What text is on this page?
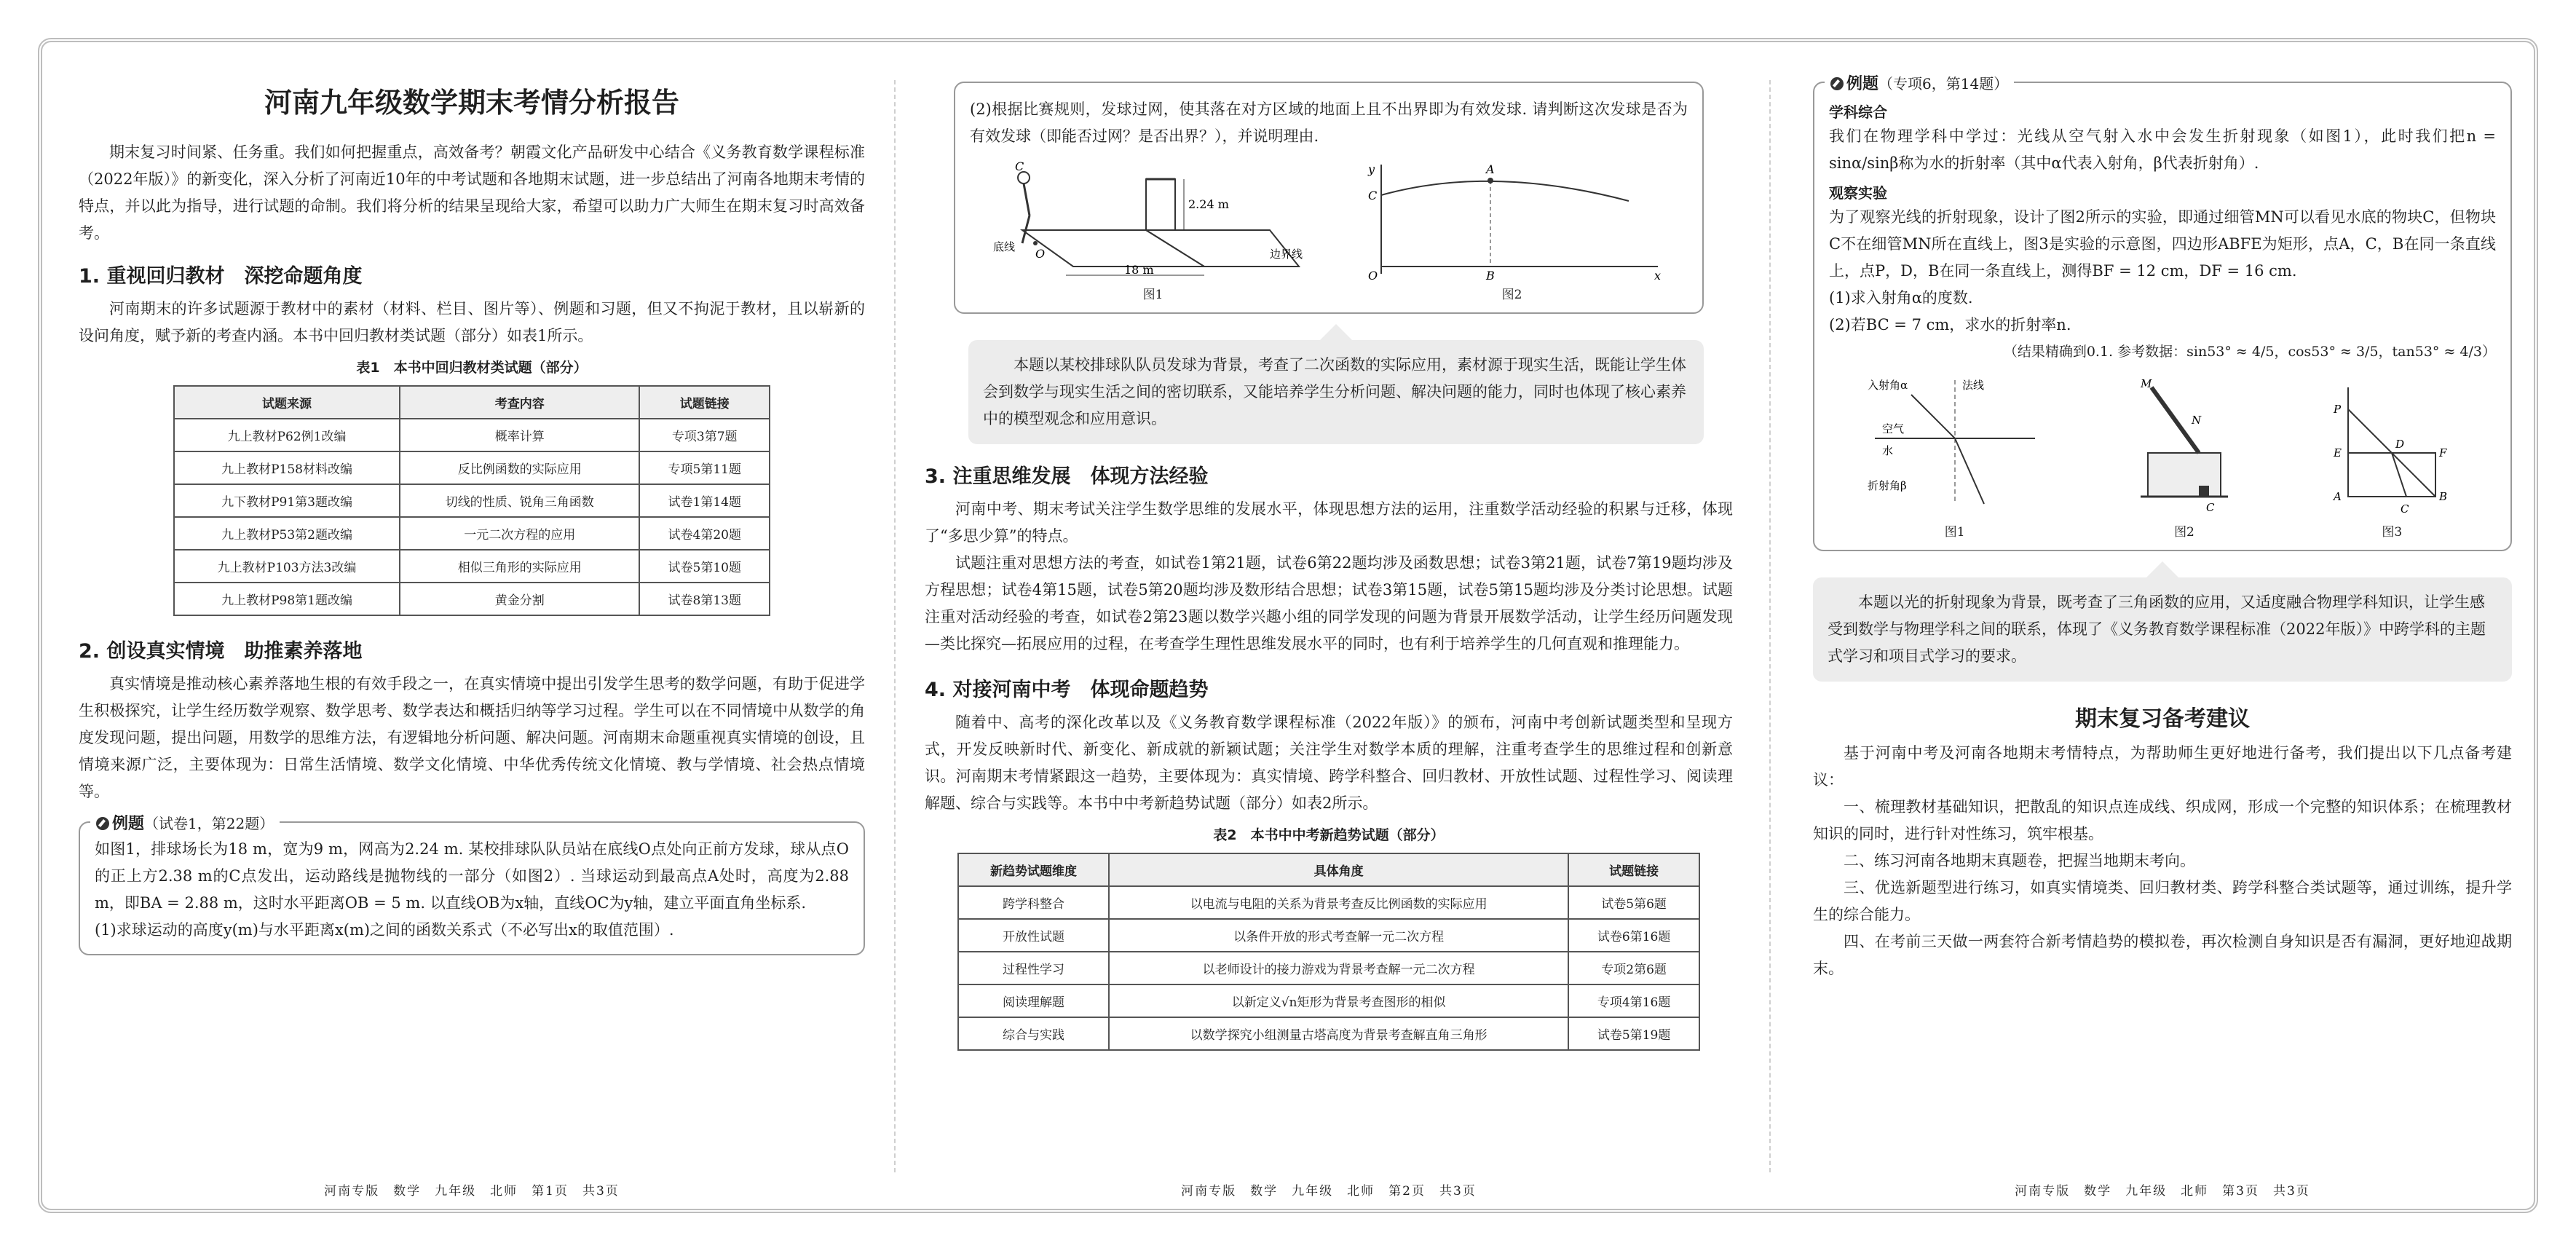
河南九年级数学期末考情分析报告

期末复习时间紧、任务重。我们如何把握重点，高效备考？朝霞文化产品研发中心结合《义务教育数学课程标准（2022年版）》的新变化，深入分析了河南近10年的中考试题和各地期末试题，进一步总结出了河南各地期末考情的特点，并以此为指导，进行试题的命制。我们将分析的结果呈现给大家，希望可以助力广大师生在期末复习时高效备考。

1. 重视回归教材　深挖命题角度

河南期末的许多试题源于教材中的素材（材料、栏目、图片等）、例题和习题，但又不拘泥于教材，且以崭新的设问角度，赋予新的考查内涵。本书中回归教材类试题（部分）如表1所示。

表1　本书中回归教材类试题（部分）
试题来源	考查内容	试题链接
九上教材P62例1改编	概率计算	专项3第7题
九上教材P158材料改编	反比例函数的实际应用	专项5第11题
九下教材P91第3题改编	切线的性质、锐角三角函数	试卷1第14题
九上教材P53第2题改编	一元二次方程的应用	试卷4第20题
九上教材P103方法3改编	相似三角形的实际应用	试卷5第10题
九上教材P98第1题改编	黄金分割	试卷8第13题
2. 创设真实情境　助推素养落地

真实情境是推动核心素养落地生根的有效手段之一，在真实情境中提出引发学生思考的数学问题，有助于促进学生积极探究，让学生经历数学观察、数学思考、数学表达和概括归纳等学习过程。学生可以在不同情境中从数学的角度发现问题，提出问题，用数学的思维方法，有逻辑地分析问题、解决问题。河南期末命题重视真实情境的创设，且情境来源广泛，主要体现为：日常生活情境、数学文化情境、中华优秀传统文化情境、教与学情境、社会热点情境等。

例题（试卷1，第22题）

如图1，排球场长为18 m，宽为9 m，网高为2.24 m. 某校排球队队员站在底线O点处向正前方发球，球从点O的正上方2.38 m的C点发出，运动路线是抛物线的一部分（如图2）. 当球运动到最高点A处时，高度为2.88 m，即BA = 2.88 m，这时水平距离OB = 5 m. 以直线OB为x轴，直线OC为y轴，建立平面直角坐标系.

(1)求球运动的高度y(m)与水平距离x(m)之间的函数关系式（不必写出x的取值范围）.

河南专版　数学　九年级　北师　第1页　共3页

(2)根据比赛规则，发球过网，使其落在对方区域的地面上且不出界即为有效发球. 请判断这次发球是否为有效发球（即能否过网？是否出界？），并说明理由.

C
O
2.24 m
底线
边界线
18 m
图1
y
x
A
C
O	B
图2
本题以某校排球队队员发球为背景，考查了二次函数的实际应用，素材源于现实生活，既能让学生体会到数学与现实生活之间的密切联系，又能培养学生分析问题、解决问题的能力，同时也体现了核心素养中的模型观念和应用意识。
3. 注重思维发展　体现方法经验

河南中考、期末考试关注学生数学思维的发展水平，体现思想方法的运用，注重数学活动经验的积累与迁移，体现了“多思少算”的特点。

试题注重对思想方法的考查，如试卷1第21题，试卷6第22题均涉及函数思想；试卷3第21题，试卷7第19题均涉及方程思想；试卷4第15题，试卷5第20题均涉及数形结合思想；试卷3第15题，试卷5第15题均涉及分类讨论思想。试题注重对活动经验的考查，如试卷2第23题以数学兴趣小组的同学发现的问题为背景开展数学活动，让学生经历问题发现—类比探究—拓展应用的过程，在考查学生理性思维发展水平的同时，也有利于培养学生的几何直观和推理能力。

4. 对接河南中考　体现命题趋势

随着中、高考的深化改革以及《义务教育数学课程标准（2022年版）》的颁布，河南中考创新试题类型和呈现方式，开发反映新时代、新变化、新成就的新颖试题；关注学生对数学本质的理解，注重考查学生的思维过程和创新意识。河南期末考情紧跟这一趋势，主要体现为：真实情境、跨学科整合、回归教材、开放性试题、过程性学习、阅读理解题、综合与实践等。本书中中考新趋势试题（部分）如表2所示。

表2　本书中中考新趋势试题（部分）
新趋势试题维度	具体角度	试题链接
跨学科整合	以电流与电阻的关系为背景考查反比例函数的实际应用	试卷5第6题
开放性试题	以条件开放的形式考查解一元二次方程	试卷6第16题
过程性学习	以老师设计的接力游戏为背景考查解一元二次方程	专项2第6题
阅读理解题	以新定义√n矩形为背景考查图形的相似	专项4第16题
综合与实践	以数学探究小组测量古塔高度为背景考查解直角三角形	试卷5第19题
河南专版　数学　九年级　北师　第2页　共3页
例题（专项6，第14题）
学科综合

我们在物理学科中学过：光线从空气射入水中会发生折射现象（如图1），此时我们把n = sinα/sinβ称为水的折射率（其中α代表入射角，β代表折射角）.

观察实验

为了观察光线的折射现象，设计了图2所示的实验，即通过细管MN可以看见水底的物块C，但物块C不在细管MN所在直线上，图3是实验的示意图，四边形ABFE为矩形，点A，C，B在同一条直线上，点P，D，B在同一条直线上，测得BF = 12 cm，DF = 16 cm.

(1)求入射角α的度数.

(2)若BC = 7 cm，求水的折射率n.

（结果精确到0.1. 参考数据：sin53° ≈ 4/5，cos53° ≈ 3/5，tan53° ≈ 4/3）

入射角α	法线
空气
水
折射角β
图1
M
N
C
图2
P
E
A
D
C
B
F
图3
本题以光的折射现象为背景，既考查了三角函数的应用，又适度融合物理学科知识，让学生感受到数学与物理学科之间的联系，体现了《义务教育数学课程标准（2022年版）》中跨学科的主题式学习和项目式学习的要求。
期末复习备考建议

基于河南中考及河南各地期末考情特点，为帮助师生更好地进行备考，我们提出以下几点备考建议：

一、梳理教材基础知识，把散乱的知识点连成线、织成网，形成一个完整的知识体系；在梳理教材知识的同时，进行针对性练习，筑牢根基。

二、练习河南各地期末真题卷，把握当地期末考向。

三、优选新题型进行练习，如真实情境类、回归教材类、跨学科整合类试题等，通过训练，提升学生的综合能力。

四、在考前三天做一两套符合新考情趋势的模拟卷，再次检测自身知识是否有漏洞，更好地迎战期末。

河南专版　数学　九年级　北师　第3页　共3页
